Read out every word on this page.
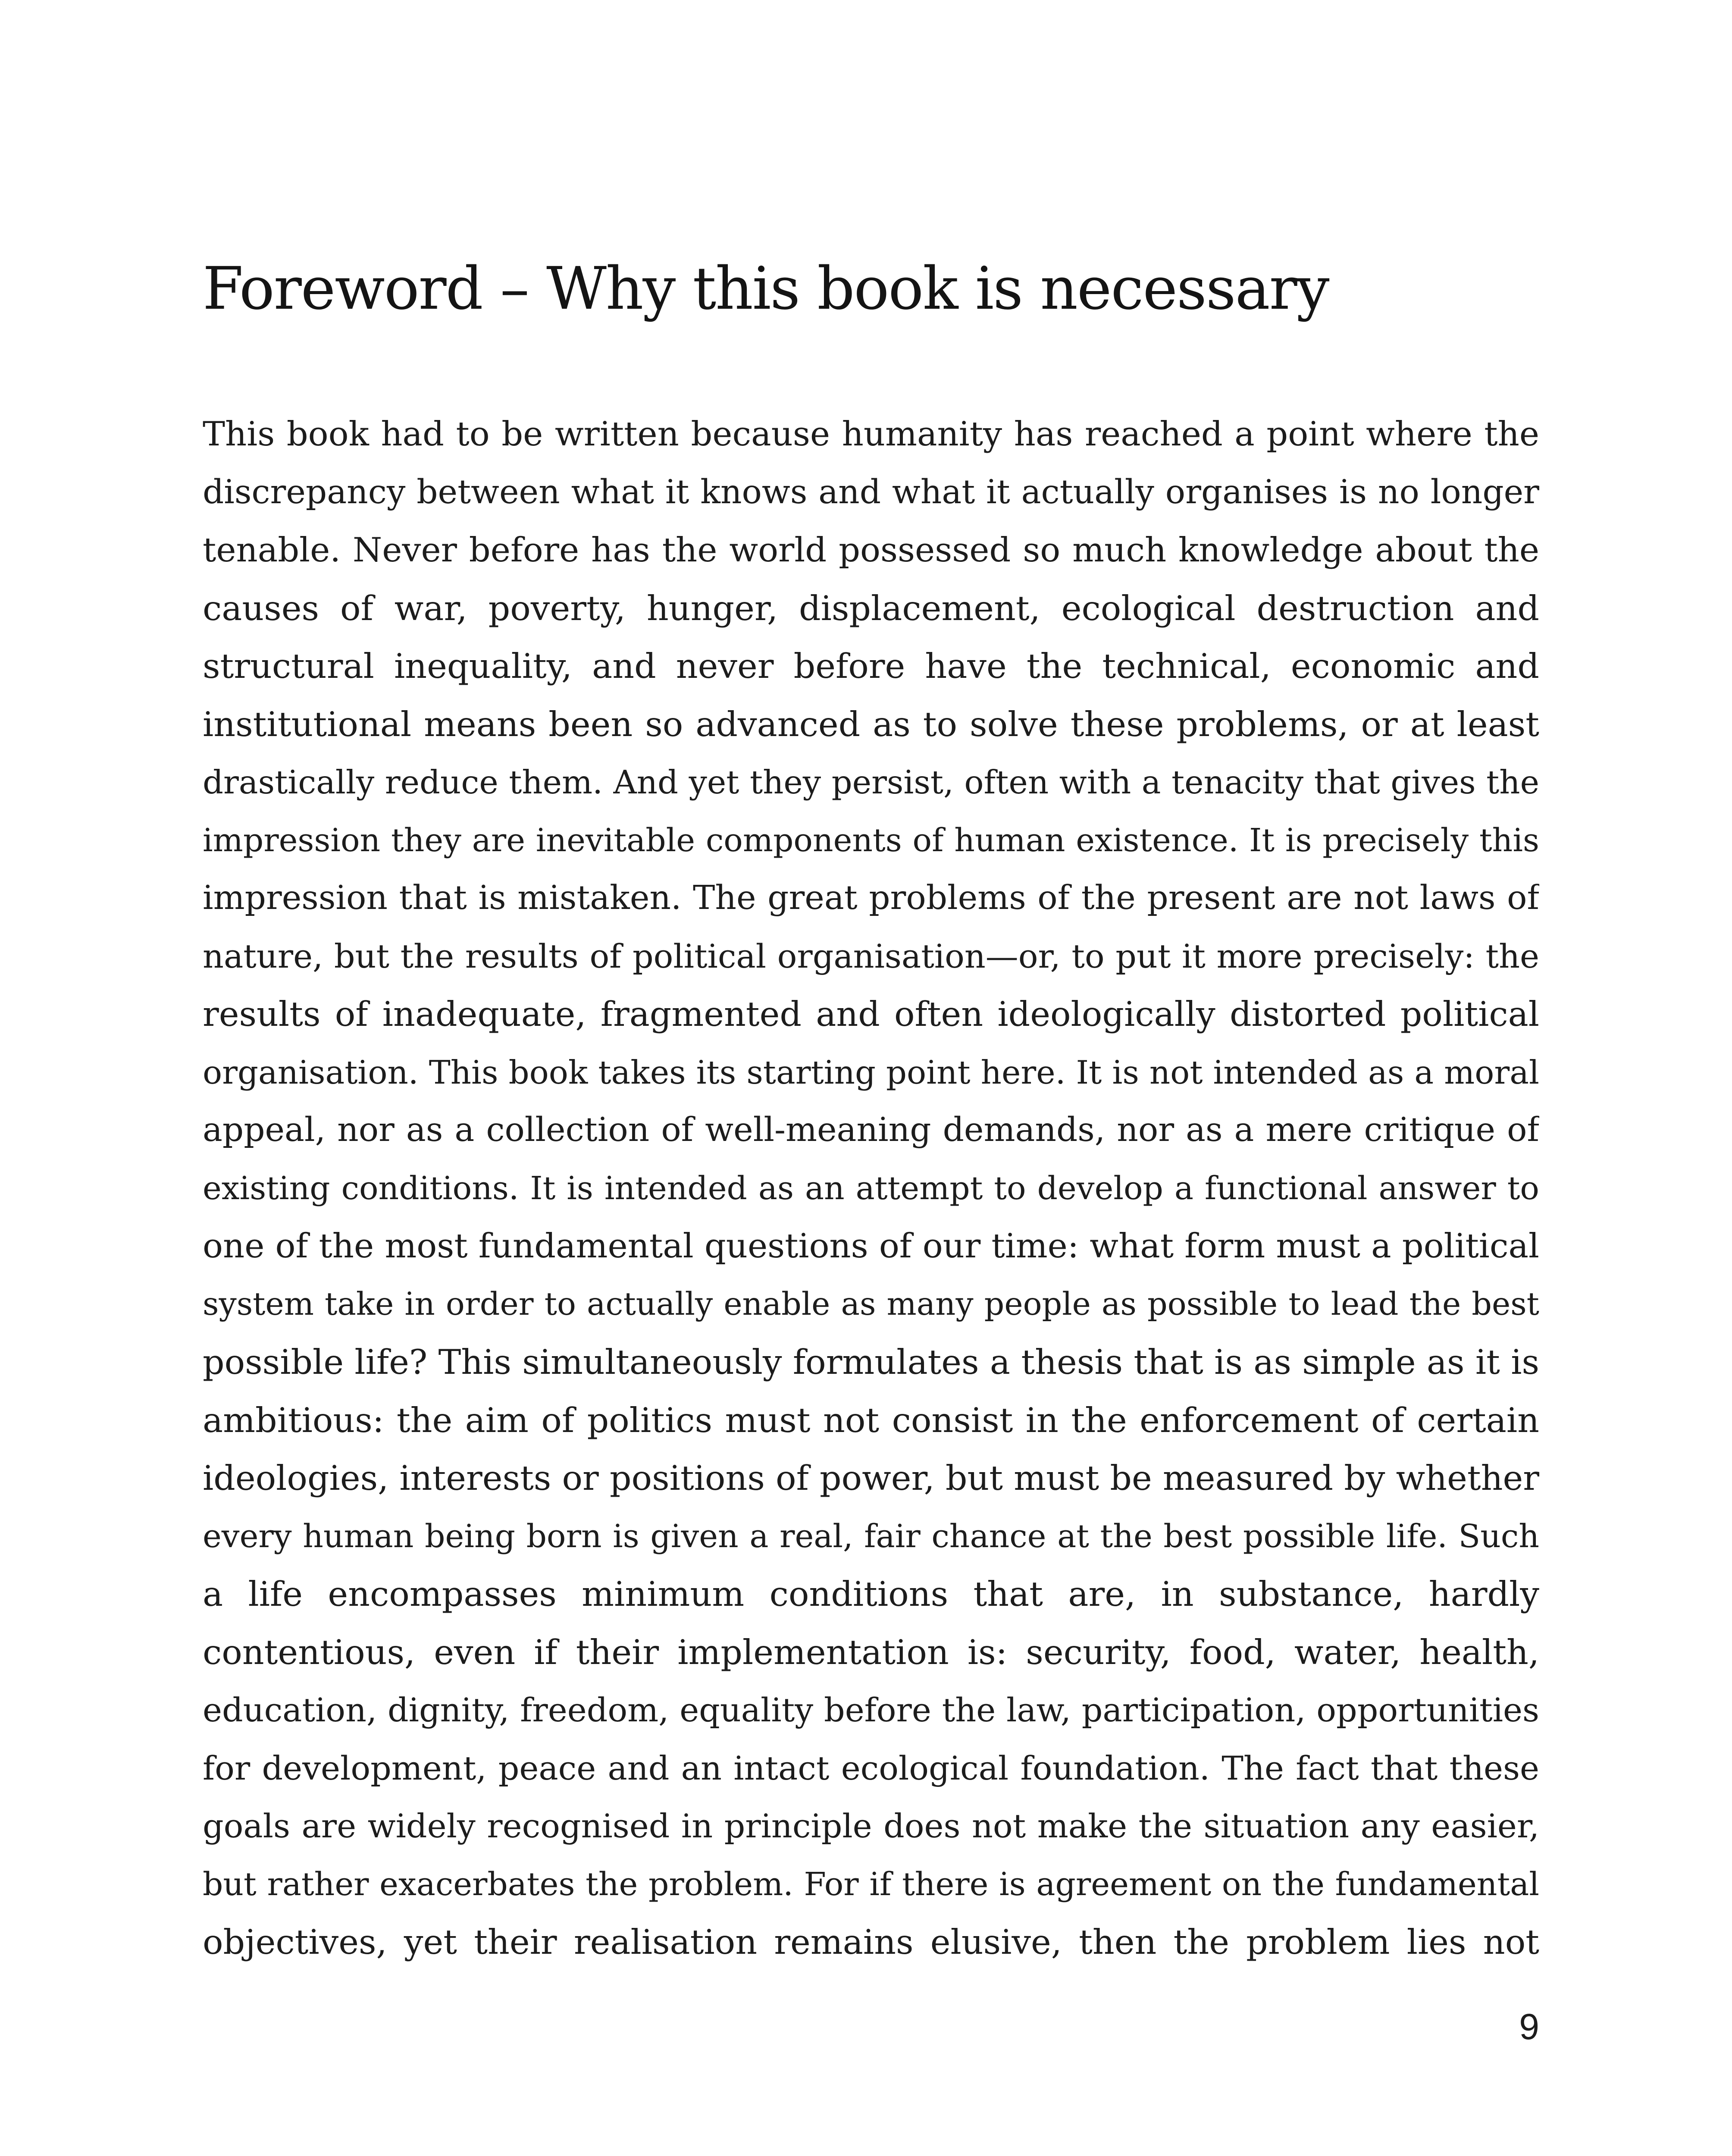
Foreword – Why this book is necessary
This book had to be written because humanity has reached a point where the
discrepancy between what it knows and what it actually organises is no longer
tenable. Never before has the world possessed so much knowledge about the
causes of war, poverty, hunger, displacement, ecological destruction and
structural inequality, and never before have the technical, economic and
institutional means been so advanced as to solve these problems, or at least
drastically reduce them. And yet they persist, often with a tenacity that gives the
impression they are inevitable components of human existence. It is precisely this
impression that is mistaken. The great problems of the present are not laws of
nature, but the results of political organisation—or, to put it more precisely: the
results of inadequate, fragmented and often ideologically distorted political
organisation. This book takes its starting point here. It is not intended as a moral
appeal, nor as a collection of well-meaning demands, nor as a mere critique of
existing conditions. It is intended as an attempt to develop a functional answer to
one of the most fundamental questions of our time: what form must a political
system take in order to actually enable as many people as possible to lead the best
possible life? This simultaneously formulates a thesis that is as simple as it is
ambitious: the aim of politics must not consist in the enforcement of certain
ideologies, interests or positions of power, but must be measured by whether
every human being born is given a real, fair chance at the best possible life. Such
a life encompasses minimum conditions that are, in substance, hardly
contentious, even if their implementation is: security, food, water, health,
education, dignity, freedom, equality before the law, participation, opportunities
for development, peace and an intact ecological foundation. The fact that these
goals are widely recognised in principle does not make the situation any easier,
but rather exacerbates the problem. For if there is agreement on the fundamental
objectives, yet their realisation remains elusive, then the problem lies not
9
